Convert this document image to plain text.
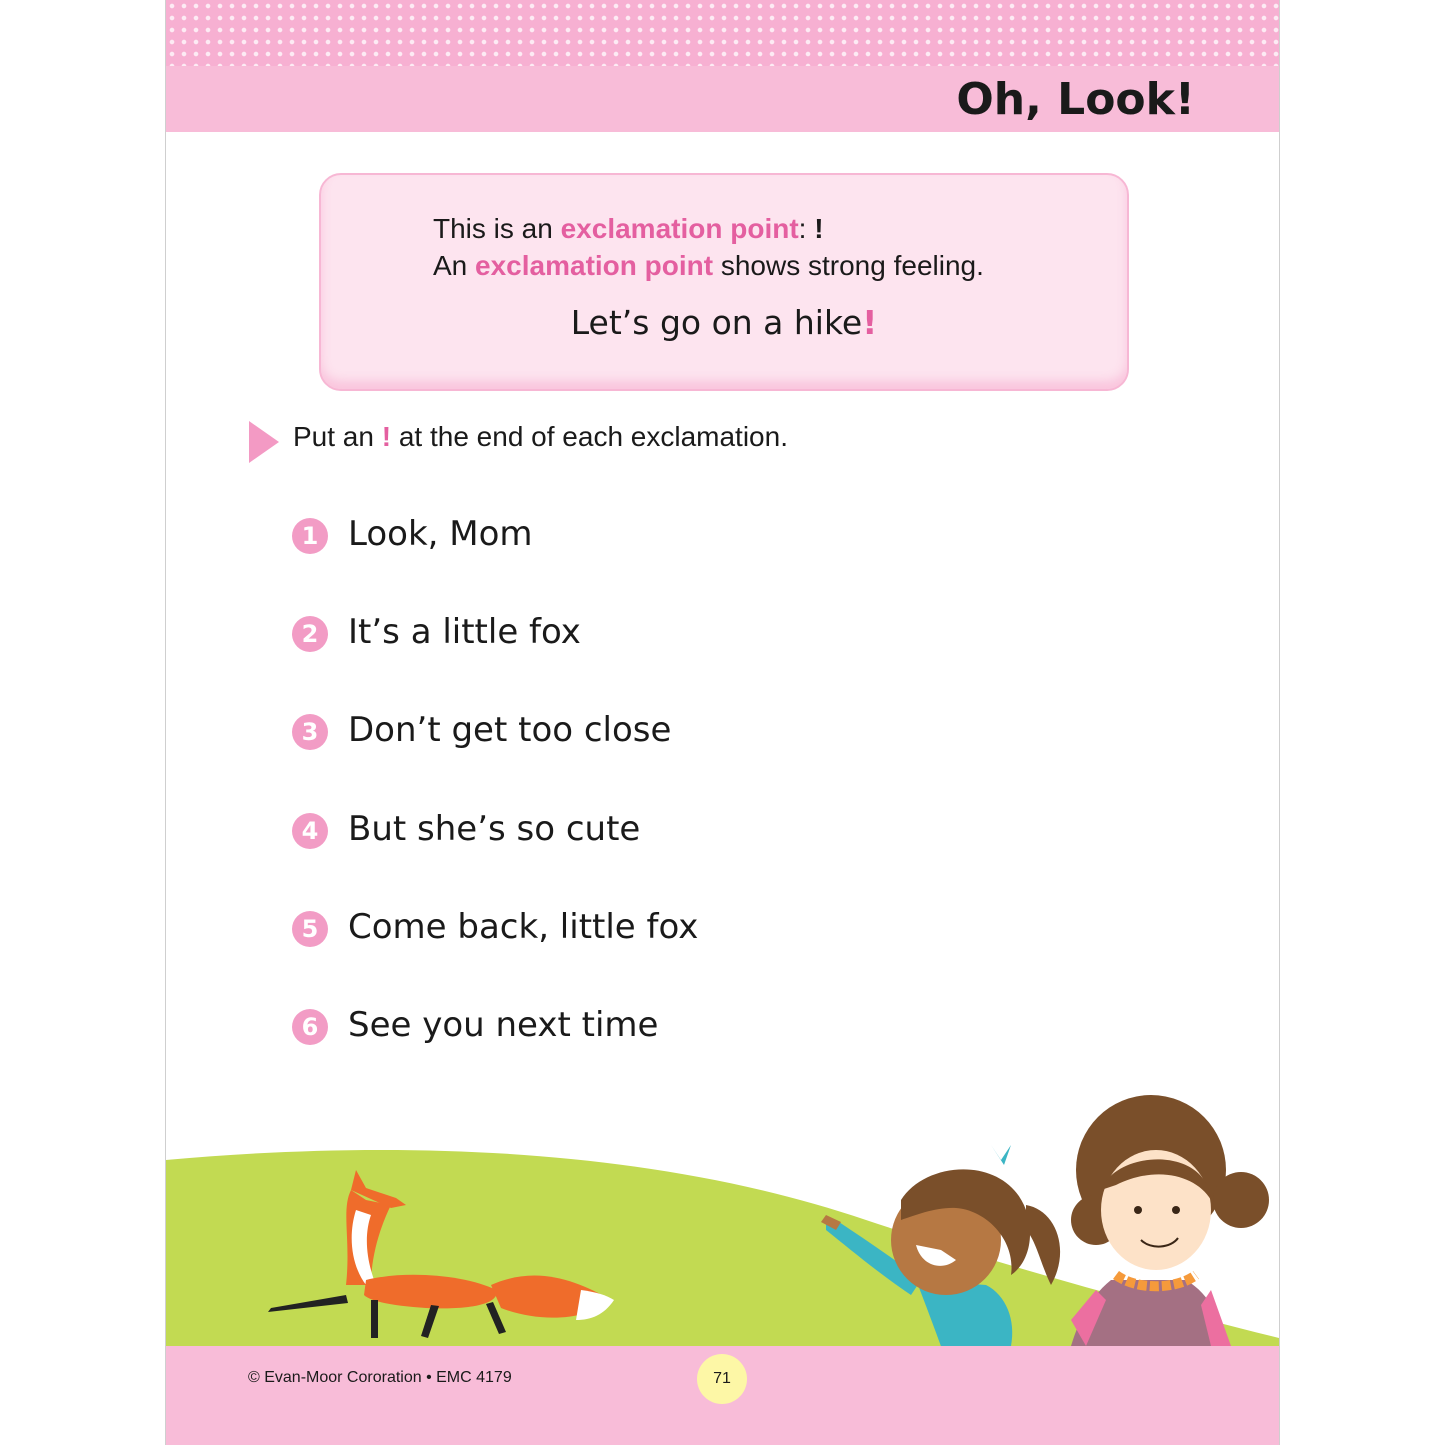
Oh, Look!

This is an exclamation point: !

An exclamation point shows strong feeling.

Let’s go on a hike!

Put an ! at the end of each exclamation.

1 Look, Mom
2 It’s a little fox
3 Don’t get too close
4 But she’s so cute
5 Come back, little fox
6 See you next time

© Evan-Moor Cororation • EMC 4179	71
